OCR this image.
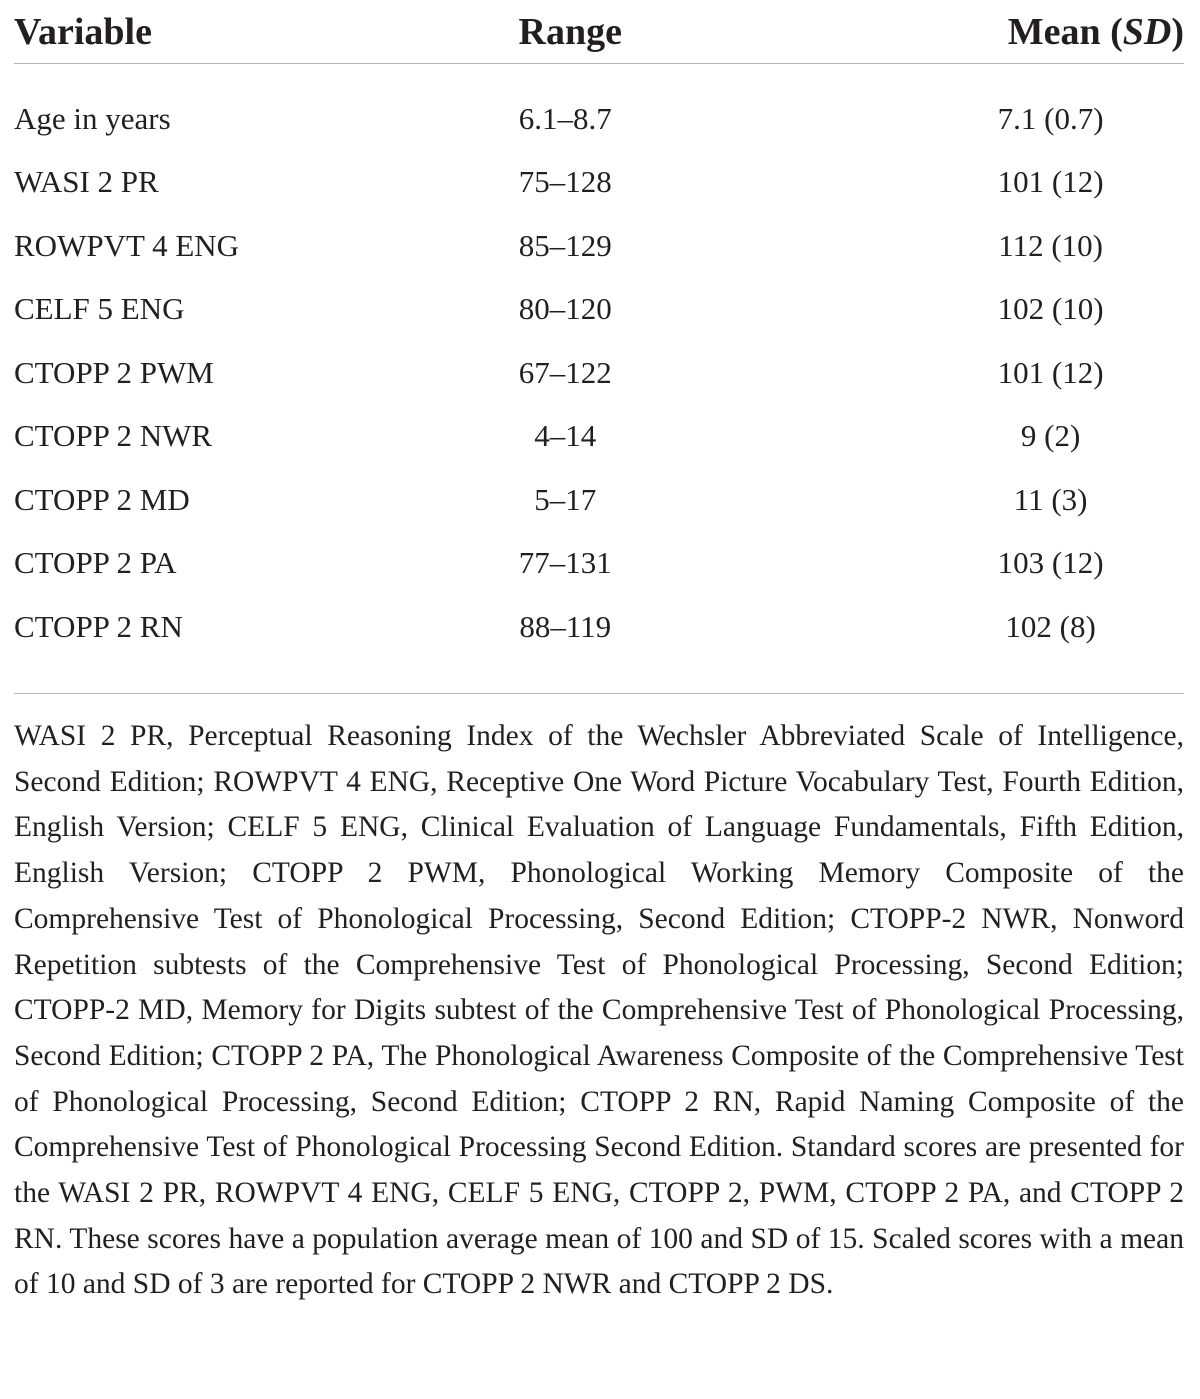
Variable	Range	Mean (SD)

Age in years	6.1–8.7	7.1 (0.7)
WASI 2 PR	75–128	101 (12)
ROWPVT 4 ENG	85–129	112 (10)
CELF 5 ENG	80–120	102 (10)
CTOPP 2 PWM	67–122	101 (12)
CTOPP 2 NWR	4–14	9 (2)
CTOPP 2 MD	5–17	11 (3)
CTOPP 2 PA	77–131	103 (12)
CTOPP 2 RN	88–119	102 (8)

WASI 2 PR, Perceptual Reasoning Index of the Wechsler Abbreviated Scale of Intelligence, Second Edition; ROWPVT 4 ENG, Receptive One Word Picture Vocabulary Test, Fourth Edition, English Version; CELF 5 ENG, Clinical Evaluation of Language Fundamentals, Fifth Edition, English Version; CTOPP 2 PWM, Phonological Working Memory Composite of the Comprehensive Test of Phonological Processing, Second Edition; CTOPP-2 NWR, Nonword Repetition subtests of the Comprehensive Test of Phonological Processing, Second Edition; CTOPP-2 MD, Memory for Digits subtest of the Comprehensive Test of Phonological Processing, Second Edition; CTOPP 2 PA, The Phonological Awareness Composite of the Comprehensive Test of Phonological Processing, Second Edition; CTOPP 2 RN, Rapid Naming Composite of the Comprehensive Test of Phonological Processing Second Edition. Standard scores are presented for the WASI 2 PR, ROWPVT 4 ENG, CELF 5 ENG, CTOPP 2, PWM, CTOPP 2 PA, and CTOPP 2 RN. These scores have a population average mean of 100 and SD of 15. Scaled scores with a mean of 10 and SD of 3 are reported for CTOPP 2 NWR and CTOPP 2 DS.
